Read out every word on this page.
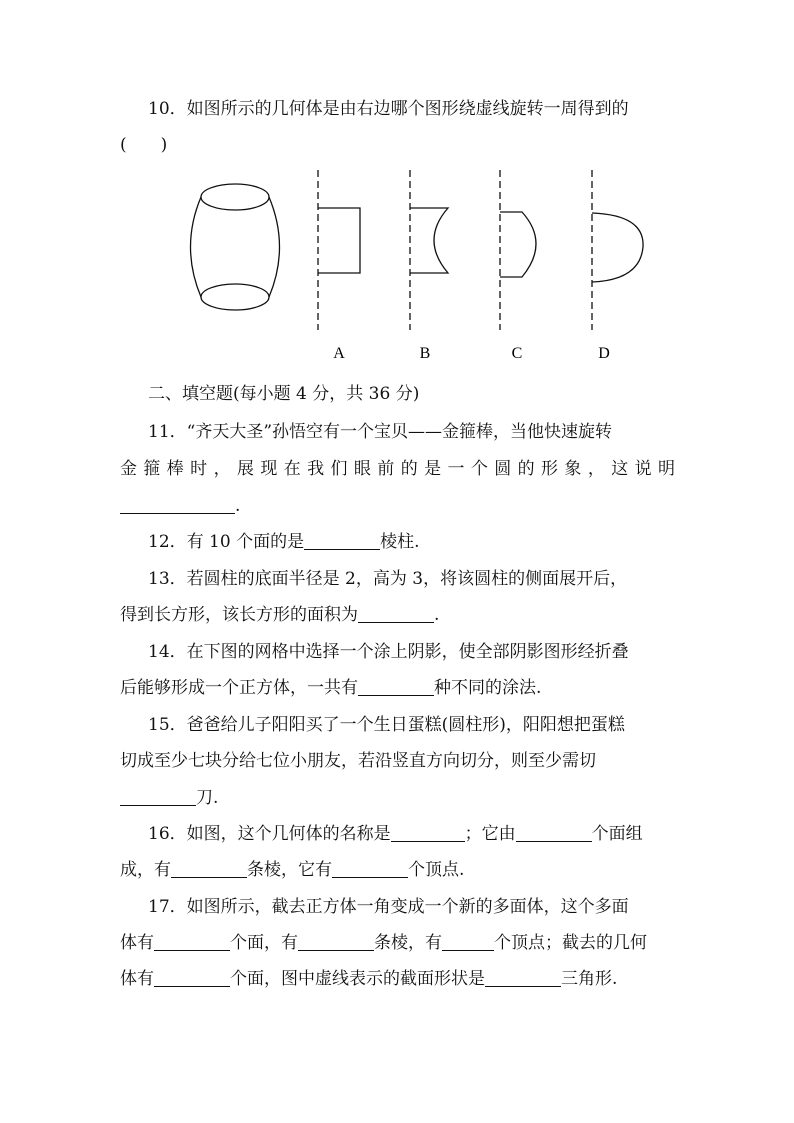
10．如图所示的几何体是由右边哪个图形绕虚线旋转一周得到的
(　　)
A	B	C	D
二、填空题(每小题 4 分，共 36 分)
11．“齐天大圣”孙悟空有一个宝贝——金箍棒，当他快速旋转
金箍棒时，展现在我们眼前的是一个圆的形象，这说明
.
12．有 10 个面的是	棱柱.
13．若圆柱的底面半径是 2，高为 3，将该圆柱的侧面展开后，
得到长方形，该长方形的面积为	.
14．在下图的网格中选择一个涂上阴影，使全部阴影图形经折叠
后能够形成一个正方体，一共有	种不同的涂法.
15．爸爸给儿子阳阳买了一个生日蛋糕(圆柱形)，阳阳想把蛋糕
切成至少七块分给七位小朋友，若沿竖直方向切分，则至少需切
刀.
16．如图，这个几何体的名称是	；它由	个面组
成，有	条棱，它有	个顶点.
17．如图所示，截去正方体一角变成一个新的多面体，这个多面
体有	个面，有	条棱，有	个顶点；截去的几何
体有	个面，图中虚线表示的截面形状是	三角形.
